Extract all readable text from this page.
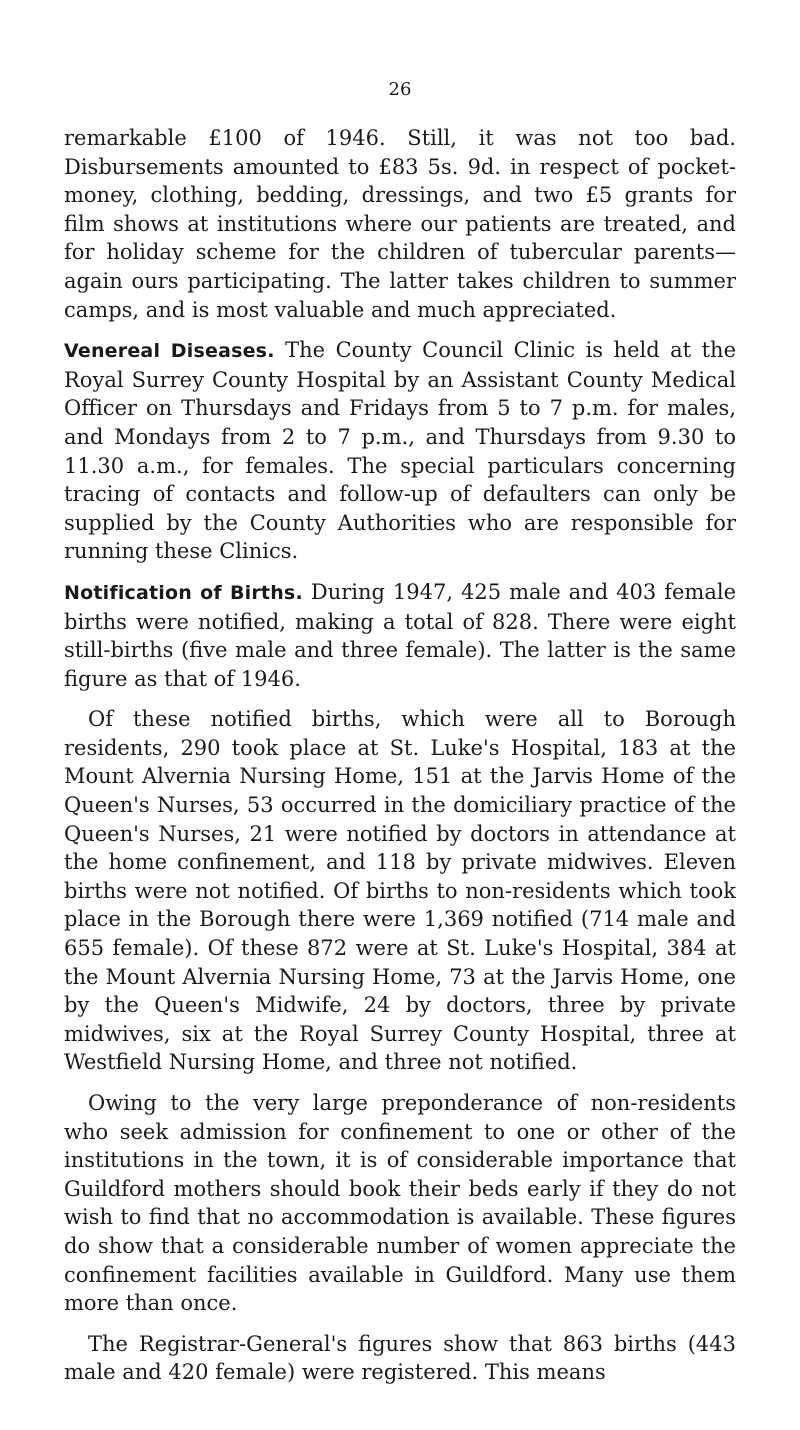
26

remarkable £100 of 1946. Still, it was not too bad. Disbursements amounted to £83 5s. 9d. in respect of pocket-money, clothing, bedding, dressings, and two £5 grants for film shows at institutions where our patients are treated, and for holiday scheme for the children of tubercular parents—again ours participating. The latter takes children to summer camps, and is most valuable and much appreciated.

Venereal Diseases. The County Council Clinic is held at the Royal Surrey County Hospital by an Assistant County Medical Officer on Thursdays and Fridays from 5 to 7 p.m. for males, and Mondays from 2 to 7 p.m., and Thursdays from 9.30 to 11.30 a.m., for females. The special particulars concerning tracing of contacts and follow-up of defaulters can only be supplied by the County Authorities who are responsible for running these Clinics.

Notification of Births. During 1947, 425 male and 403 female births were notified, making a total of 828. There were eight still-births (five male and three female). The latter is the same figure as that of 1946.

Of these notified births, which were all to Borough residents, 290 took place at St. Luke's Hospital, 183 at the Mount Alvernia Nursing Home, 151 at the Jarvis Home of the Queen's Nurses, 53 occurred in the domiciliary practice of the Queen's Nurses, 21 were notified by doctors in attendance at the home confinement, and 118 by private midwives. Eleven births were not notified. Of births to non-residents which took place in the Borough there were 1,369 notified (714 male and 655 female). Of these 872 were at St. Luke's Hospital, 384 at the Mount Alvernia Nursing Home, 73 at the Jarvis Home, one by the Queen's Midwife, 24 by doctors, three by private midwives, six at the Royal Surrey County Hospital, three at Westfield Nursing Home, and three not notified.

Owing to the very large preponderance of non-residents who seek admission for confinement to one or other of the institutions in the town, it is of considerable importance that Guildford mothers should book their beds early if they do not wish to find that no accommodation is available. These figures do show that a considerable number of women appreciate the confinement facilities available in Guildford. Many use them more than once.

The Registrar-General's figures show that 863 births (443 male and 420 female) were registered. This means
